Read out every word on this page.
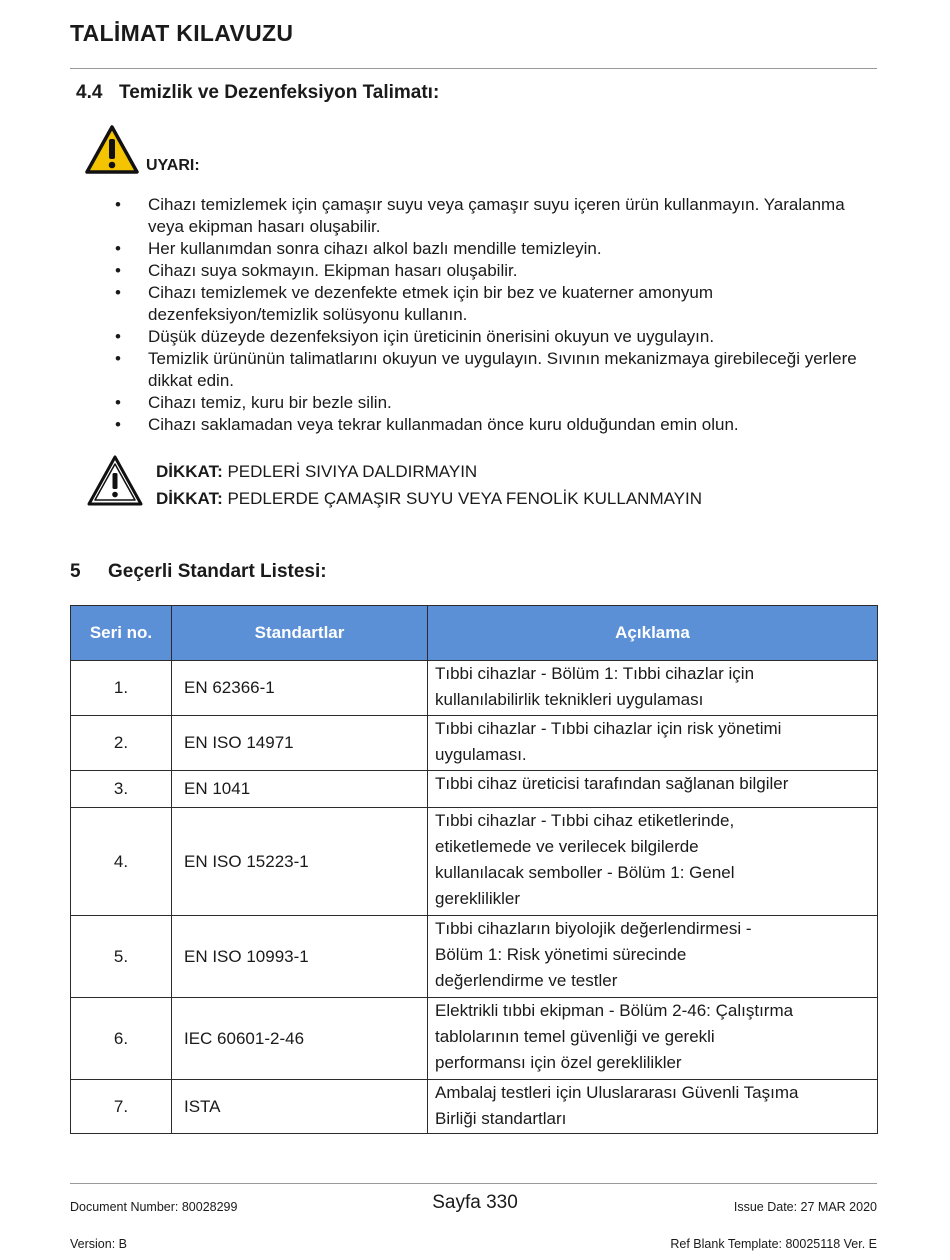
TALİMAT KILAVUZU
4.4 Temizlik ve Dezenfeksiyon Talimatı:
UYARI:
• Cihazı temizlemek için çamaşır suyu veya çamaşır suyu içeren ürün kullanmayın. Yaralanma veya ekipman hasarı oluşabilir.
• Her kullanımdan sonra cihazı alkol bazlı mendille temizleyin.
• Cihazı suya sokmayın. Ekipman hasarı oluşabilir.
• Cihazı temizlemek ve dezenfekte etmek için bir bez ve kuaterner amonyum dezenfeksiyon/temizlik solüsyonu kullanın.
• Düşük düzeyde dezenfeksiyon için üreticinin önerisini okuyun ve uygulayın.
• Temizlik ürününün talimatlarını okuyun ve uygulayın. Sıvının mekanizmaya girebileceği yerlere dikkat edin.
• Cihazı temiz, kuru bir bezle silin.
• Cihazı saklamadan veya tekrar kullanmadan önce kuru olduğundan emin olun.
DİKKAT: PEDLERİ SIVIYA DALDIRMAYIN
DİKKAT: PEDLERDE ÇAMAŞIR SUYU VEYA FENOLİK KULLANMAYIN
5 Geçerli Standart Listesi:
Seri no.	Standartlar	Açıklama
1.	EN 62366-1	Tıbbi cihazlar - Bölüm 1: Tıbbi cihazlar için
kullanılabilirlik teknikleri uygulaması

2.	EN ISO 14971	Tıbbi cihazlar - Tıbbi cihazlar için risk yönetimi
uygulaması.

3.	EN 1041	Tıbbi cihaz üreticisi tarafından sağlanan bilgiler

4.	EN ISO 15223-1	Tıbbi cihazlar - Tıbbi cihaz etiketlerinde,
etiketlemede ve verilecek bilgilerde
kullanılacak semboller - Bölüm 1: Genel
gereklilikler

5.	EN ISO 10993-1	Tıbbi cihazların biyolojik değerlendirmesi -
Bölüm 1: Risk yönetimi sürecinde
değerlendirme ve testler

6.	IEC 60601-2-46	Elektrikli tıbbi ekipman - Bölüm 2-46: Çalıştırma
tablolarının temel güvenliği ve gerekli
performansı için özel gereklilikler

7.	ISTA	Ambalaj testleri için Uluslararası Güvenli Taşıma
Birliği standartları
Document Number: 80028299	Sayfa 330	Issue Date: 27 MAR 2020
Version: B	Ref Blank Template: 80025118 Ver. E
